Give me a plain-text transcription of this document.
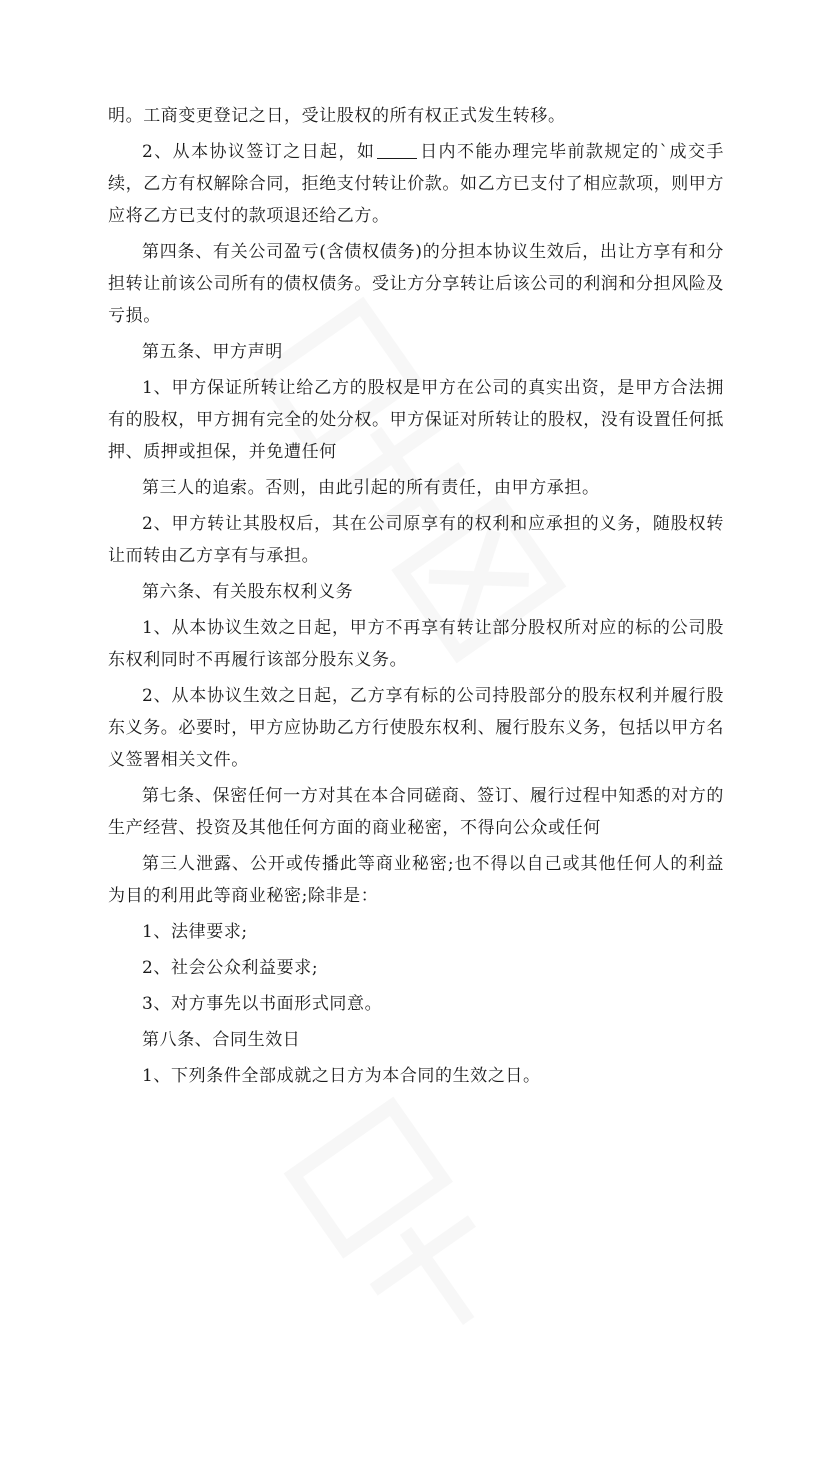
明。工商变更登记之日，受让股权的所有权正式发生转移。

2、从本协议签订之日起，如	日内不能办理完毕前款规定的`成交手续，乙方有权解除合同，拒绝支付转让价款。如乙方已支付了相应款项，则甲方应将乙方已支付的款项退还给乙方。

第四条、有关公司盈亏(含债权债务)的分担本协议生效后，出让方享有和分担转让前该公司所有的债权债务。受让方分享转让后该公司的利润和分担风险及亏损。

第五条、甲方声明

1、甲方保证所转让给乙方的股权是甲方在公司的真实出资，是甲方合法拥有的股权，甲方拥有完全的处分权。甲方保证对所转让的股权，没有设置任何抵押、质押或担保，并免遭任何

第三人的追索。否则，由此引起的所有责任，由甲方承担。

2、甲方转让其股权后，其在公司原享有的权利和应承担的义务，随股权转让而转由乙方享有与承担。

第六条、有关股东权利义务

1、从本协议生效之日起，甲方不再享有转让部分股权所对应的标的公司股东权利同时不再履行该部分股东义务。

2、从本协议生效之日起，乙方享有标的公司持股部分的股东权利并履行股东义务。必要时，甲方应协助乙方行使股东权利、履行股东义务，包括以甲方名义签署相关文件。

第七条、保密任何一方对其在本合同磋商、签订、履行过程中知悉的对方的生产经营、投资及其他任何方面的商业秘密，不得向公众或任何

第三人泄露、公开或传播此等商业秘密;也不得以自己或其他任何人的利益为目的利用此等商业秘密;除非是：

1、法律要求;

2、社会公众利益要求;

3、对方事先以书面形式同意。

第八条、合同生效日

1、下列条件全部成就之日方为本合同的生效之日。
